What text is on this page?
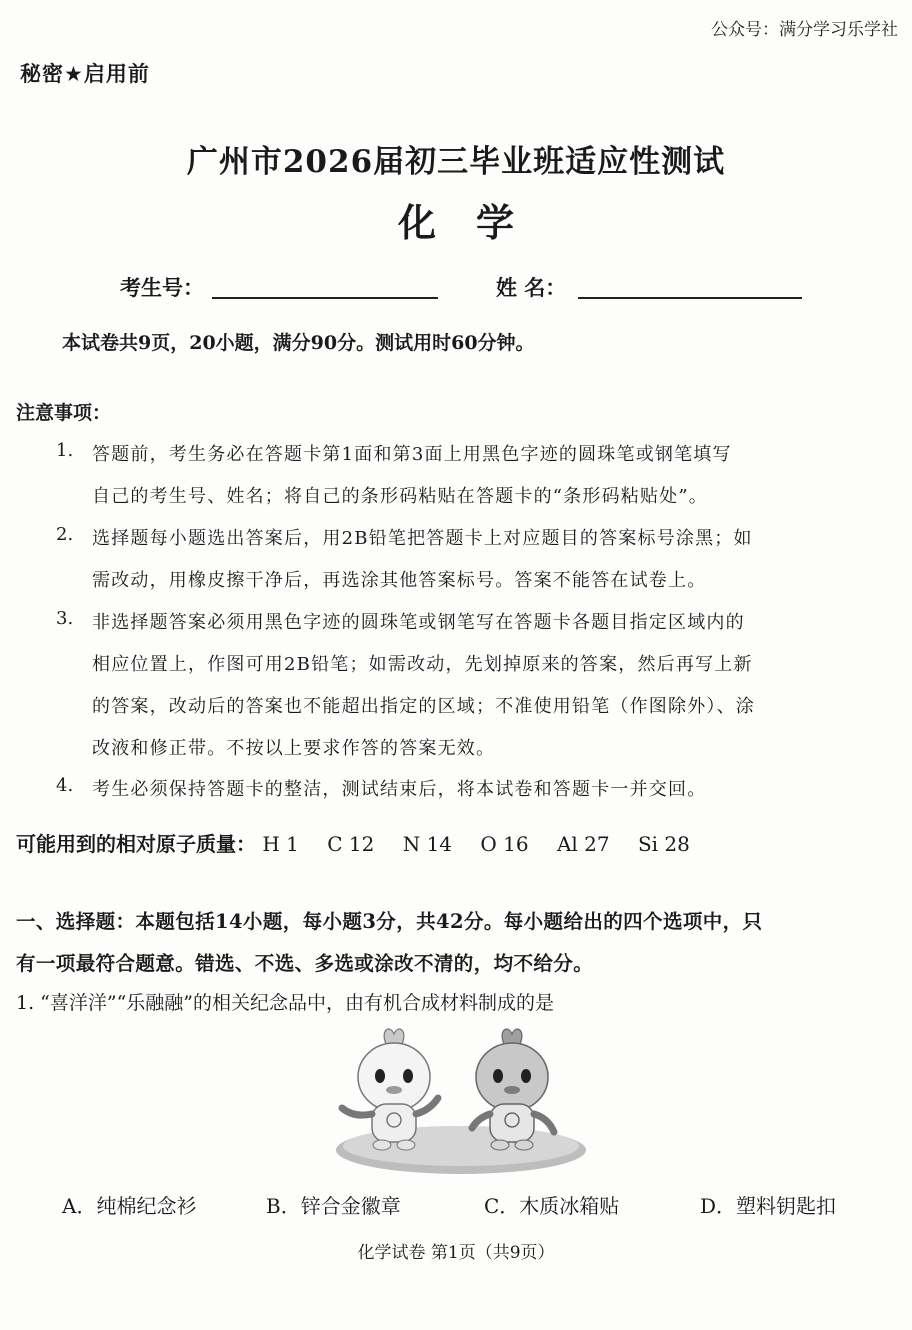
公众号：满分学习乐学社
秘密★启用前
广州市2026届初三毕业班适应性测试
化学
考生号：	姓 名：
本试卷共9页，20小题，满分90分。测试用时60分钟。
注意事项：
1. 答题前，考生务必在答题卡第1面和第3面上用黑色字迹的圆珠笔或钢笔填写
自己的考生号、姓名；将自己的条形码粘贴在答题卡的“条形码粘贴处”。
2. 选择题每小题选出答案后，用2B铅笔把答题卡上对应题目的答案标号涂黑；如
需改动，用橡皮擦干净后，再选涂其他答案标号。答案不能答在试卷上。
3. 非选择题答案必须用黑色字迹的圆珠笔或钢笔写在答题卡各题目指定区域内的
相应位置上，作图可用2B铅笔；如需改动，先划掉原来的答案，然后再写上新
的答案，改动后的答案也不能超出指定的区域；不准使用铅笔（作图除外）、涂
改液和修正带。不按以上要求作答的答案无效。
4. 考生必须保持答题卡的整洁，测试结束后，将本试卷和答题卡一并交回。
可能用到的相对原子质量： H 1 C 12 N 14 O 16 Al 27 Si 28
一、选择题：本题包括14小题，每小题3分，共42分。每小题给出的四个选项中，只
有一项最符合题意。错选、不选、多选或涂改不清的，均不给分。
1. “喜洋洋”“乐融融”的相关纪念品中，由有机合成材料制成的是
A．纯棉纪念衫	B．锌合金徽章	C．木质冰箱贴	D．塑料钥匙扣
化学试卷 第1页（共9页）
